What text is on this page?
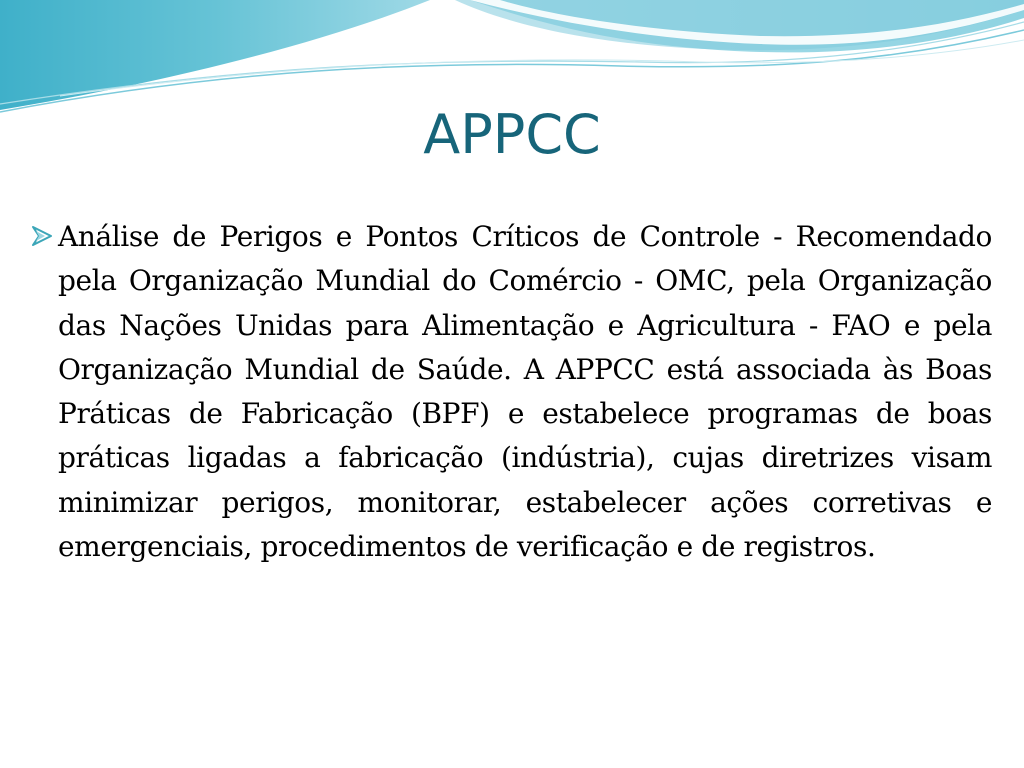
APPCC

Análise de Perigos e Pontos Críticos de Controle - Recomendado pela Organização Mundial do Comércio - OMC, pela Organização das Nações Unidas para Alimentação e Agricultura - FAO e pela Organização Mundial de Saúde. A APPCC está associada às Boas Práticas de Fabricação (BPF) e estabelece programas de boas práticas ligadas a fabricação (indústria), cujas diretrizes visam minimizar perigos, monitorar, estabelecer ações corretivas e emergenciais, procedimentos de verificação e de registros.
